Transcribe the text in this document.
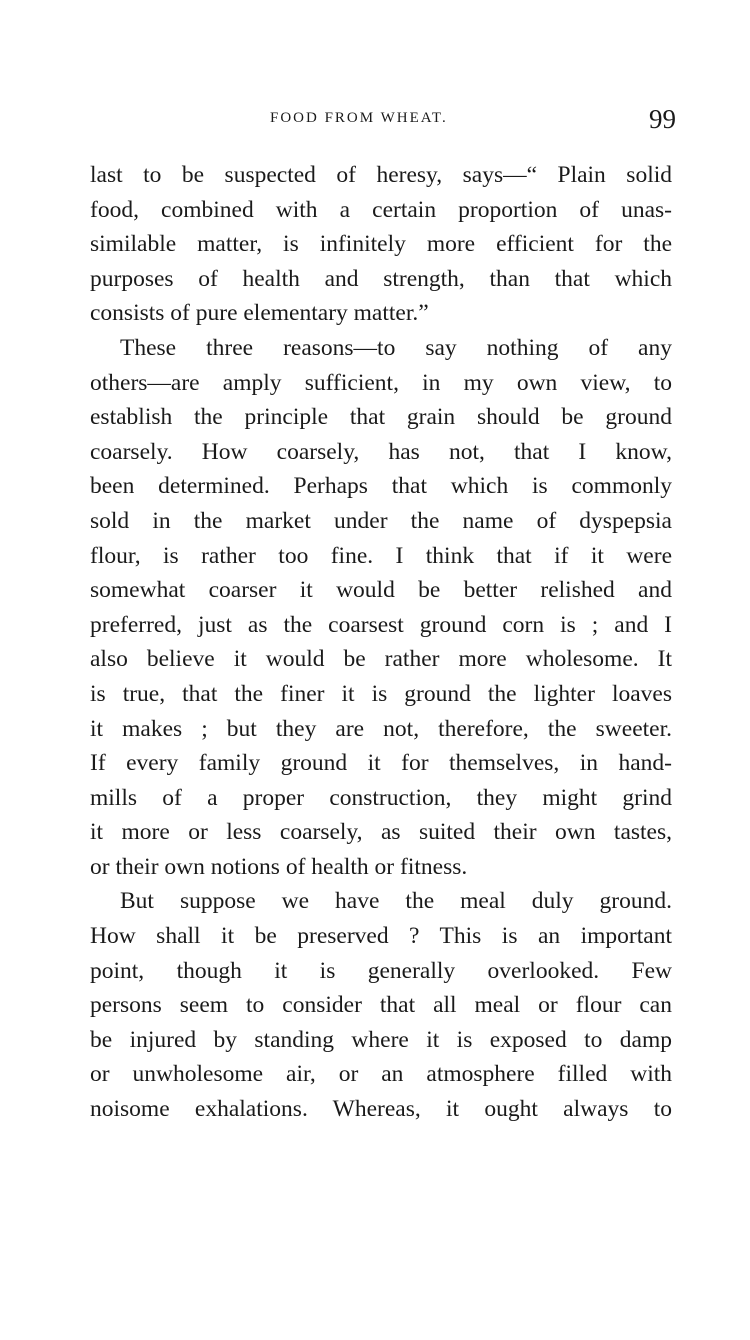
FOOD FROM WHEAT.	99
last to be suspected of heresy, says—“ Plain solid
food, combined with a certain proportion of unas-
similable matter, is infinitely more efficient for the
purposes of health and strength, than that which
consists of pure elementary matter.”
These three reasons—to say nothing of any
others—are amply sufficient, in my own view, to
establish the principle that grain should be ground
coarsely. How coarsely, has not, that I know,
been determined. Perhaps that which is commonly
sold in the market under the name of dyspepsia
flour, is rather too fine. I think that if it were
somewhat coarser it would be better relished and
preferred, just as the coarsest ground corn is ; and I
also believe it would be rather more wholesome. It
is true, that the finer it is ground the lighter loaves
it makes ; but they are not, therefore, the sweeter.
If every family ground it for themselves, in hand-
mills of a proper construction, they might grind
it more or less coarsely, as suited their own tastes,
or their own notions of health or fitness.
But suppose we have the meal duly ground.
How shall it be preserved ? This is an important
point, though it is generally overlooked. Few
persons seem to consider that all meal or flour can
be injured by standing where it is exposed to damp
or unwholesome air, or an atmosphere filled with
noisome exhalations. Whereas, it ought always to
